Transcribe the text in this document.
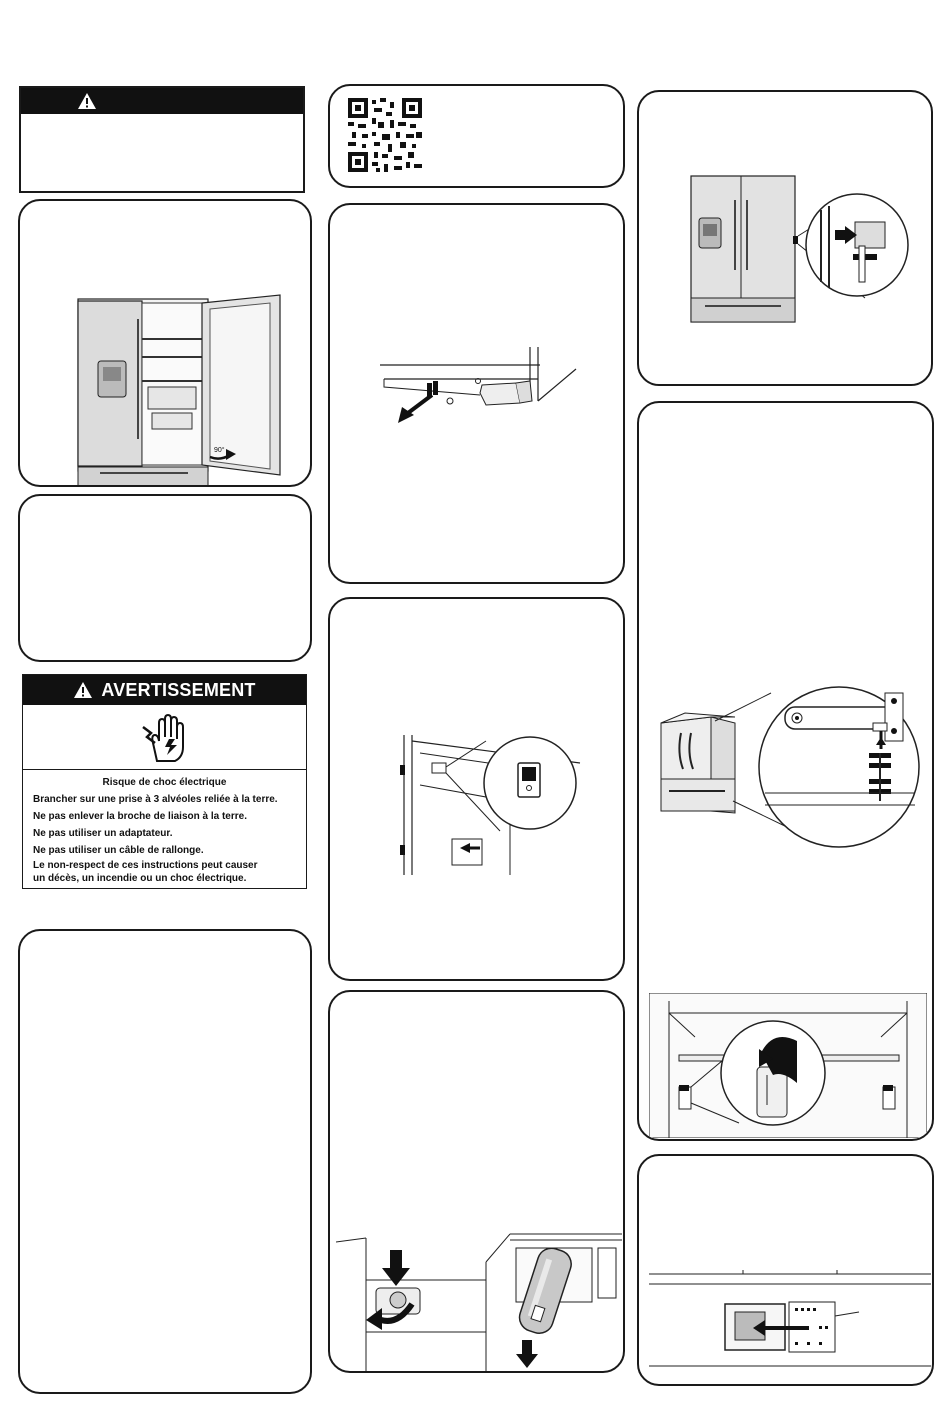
90°
AVERTISSEMENT

Risque de choc électrique

Brancher sur une prise à 3 alvéoles reliée à la terre.

Ne pas enlever la broche de liaison à la terre.

Ne pas utiliser un adaptateur.

Ne pas utiliser un câble de rallonge.

Le non-respect de ces instructions peut causer

un décès, un incendie ou un choc électrique.
